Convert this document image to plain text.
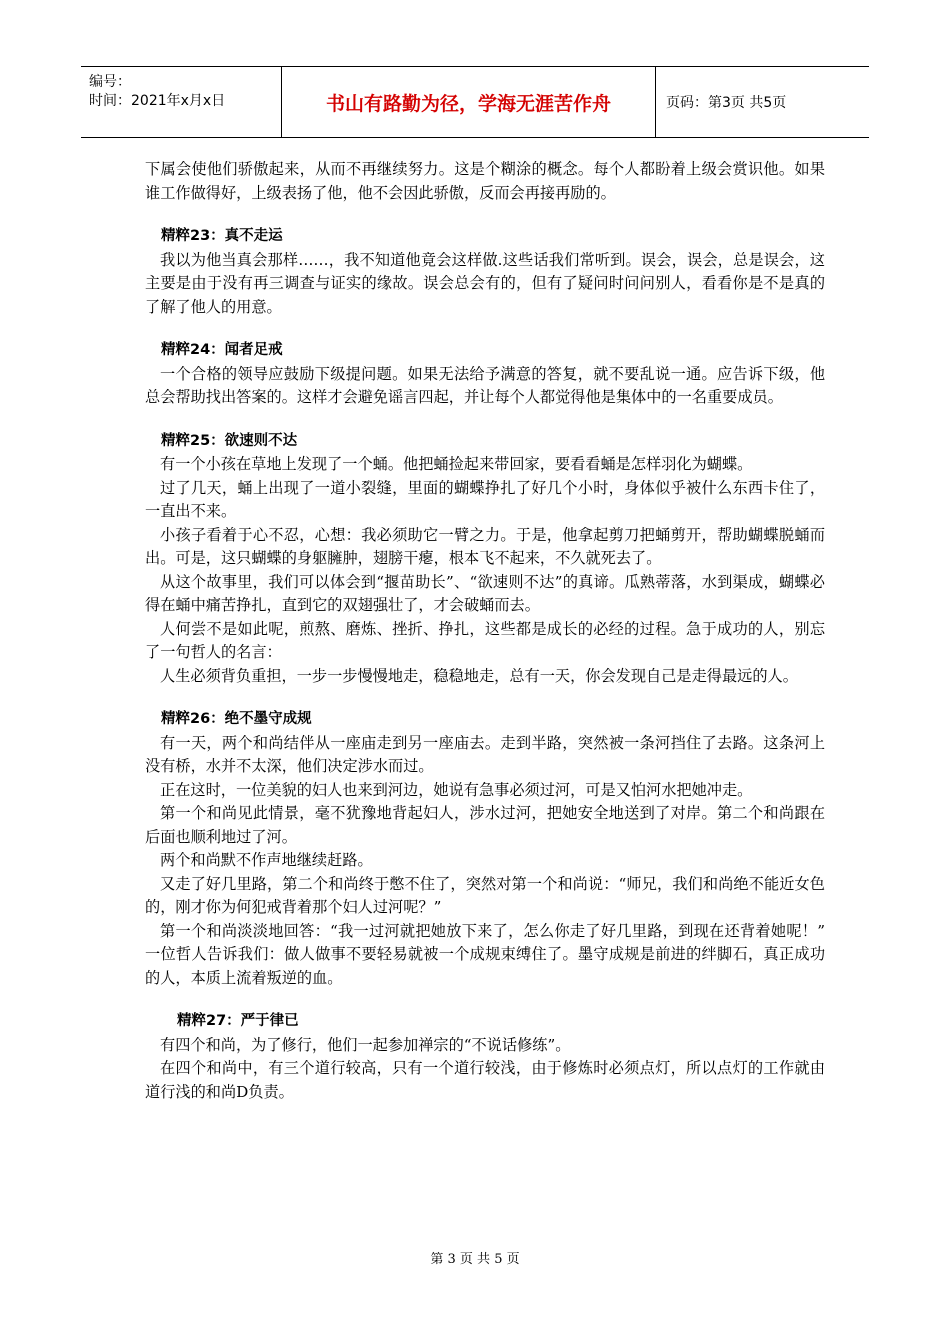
编号：
时间：2021年x月x日	书山有路勤为径，学海无涯苦作舟	页码：第3页 共5页

下属会使他们骄傲起来，从而不再继续努力。这是个糊涂的概念。每个人都盼着上级会赏识他。如果谁工作做得好，上级表扬了他，他不会因此骄傲，反而会再接再励的。

精粹23：真不走运

我以为他当真会那样……，我不知道他竟会这样做.这些话我们常听到。误会，误会，总是误会，这主要是由于没有再三调查与证实的缘故。误会总会有的，但有了疑问时问问别人，看看你是不是真的了解了他人的用意。

精粹24：闻者足戒

一个合格的领导应鼓励下级提问题。如果无法给予满意的答复，就不要乱说一通。应告诉下级，他总会帮助找出答案的。这样才会避免谣言四起，并让每个人都觉得他是集体中的一名重要成员。

精粹25：欲速则不达

有一个小孩在草地上发现了一个蛹。他把蛹捡起来带回家，要看看蛹是怎样羽化为蝴蝶。

过了几天，蛹上出现了一道小裂缝，里面的蝴蝶挣扎了好几个小时，身体似乎被什么东西卡住了，一直出不来。

小孩子看着于心不忍，心想：我必须助它一臂之力。于是，他拿起剪刀把蛹剪开，帮助蝴蝶脱蛹而出。可是，这只蝴蝶的身躯臃肿，翅膀干瘪，根本飞不起来，不久就死去了。

从这个故事里，我们可以体会到“揠苗助长”、“欲速则不达”的真谛。瓜熟蒂落，水到渠成，蝴蝶必得在蛹中痛苦挣扎，直到它的双翅强壮了，才会破蛹而去。

人何尝不是如此呢，煎熬、磨炼、挫折、挣扎，这些都是成长的必经的过程。急于成功的人，别忘了一句哲人的名言：

人生必须背负重担，一步一步慢慢地走，稳稳地走，总有一天，你会发现自己是走得最远的人。

精粹26：绝不墨守成规

有一天，两个和尚结伴从一座庙走到另一座庙去。走到半路，突然被一条河挡住了去路。这条河上没有桥，水并不太深，他们决定涉水而过。

正在这时，一位美貌的妇人也来到河边，她说有急事必须过河，可是又怕河水把她冲走。

第一个和尚见此情景，毫不犹豫地背起妇人，涉水过河，把她安全地送到了对岸。第二个和尚跟在后面也顺利地过了河。

两个和尚默不作声地继续赶路。

又走了好几里路，第二个和尚终于憋不住了，突然对第一个和尚说：“师兄，我们和尚绝不能近女色的，刚才你为何犯戒背着那个妇人过河呢？”

第一个和尚淡淡地回答：“我一过河就把她放下来了，怎么你走了好几里路，到现在还背着她呢！” 一位哲人告诉我们：做人做事不要轻易就被一个成规束缚住了。墨守成规是前进的绊脚石，真正成功的人，本质上流着叛逆的血。

精粹27：严于律已

有四个和尚，为了修行，他们一起参加禅宗的“不说话修练”。

在四个和尚中，有三个道行较高，只有一个道行较浅，由于修炼时必须点灯，所以点灯的工作就由道行浅的和尚D负责。

第 3 页 共 5 页
